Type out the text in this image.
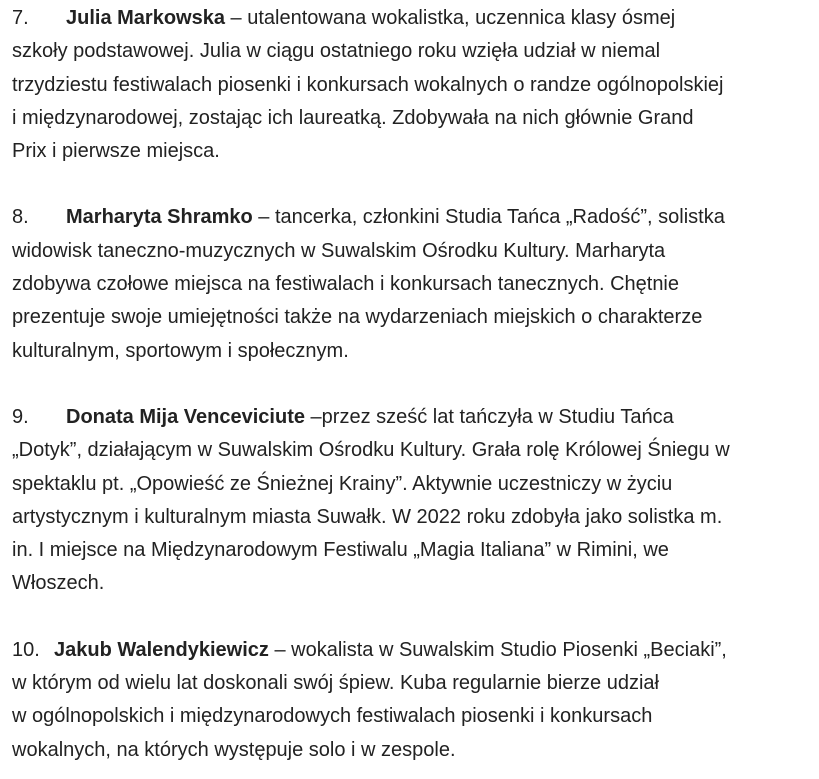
7. Julia Markowska – utalentowana wokalistka, uczennica klasy ósmej
szkoły podstawowej. Julia w ciągu ostatniego roku wzięła udział w niemal
trzydziestu festiwalach piosenki i konkursach wokalnych o randze ogólnopolskiej
i międzynarodowej, zostając ich laureatką. Zdobywała na nich głównie Grand
Prix i pierwsze miejsca.
8. Marharyta Shramko – tancerka, członkini Studia Tańca „Radość”, solistka
widowisk taneczno-muzycznych w Suwalskim Ośrodku Kultury. Marharyta
zdobywa czołowe miejsca na festiwalach i konkursach tanecznych. Chętnie
prezentuje swoje umiejętności także na wydarzeniach miejskich o charakterze
kulturalnym, sportowym i społecznym.
9. Donata Mija Venceviciute –przez sześć lat tańczyła w Studiu Tańca
„Dotyk”, działającym w Suwalskim Ośrodku Kultury. Grała rolę Królowej Śniegu w
spektaklu pt. „Opowieść ze Śnieżnej Krainy”. Aktywnie uczestniczy w życiu
artystycznym i kulturalnym miasta Suwałk. W 2022 roku zdobyła jako solistka m.
in. I miejsce na Międzynarodowym Festiwalu „Magia Italiana” w Rimini, we
Włoszech.
10. Jakub Walendykiewicz – wokalista w Suwalskim Studio Piosenki „Beciaki”,
w którym od wielu lat doskonali swój śpiew. Kuba regularnie bierze udział
w ogólnopolskich i międzynarodowych festiwalach piosenki i konkursach
wokalnych, na których występuje solo i w zespole.
